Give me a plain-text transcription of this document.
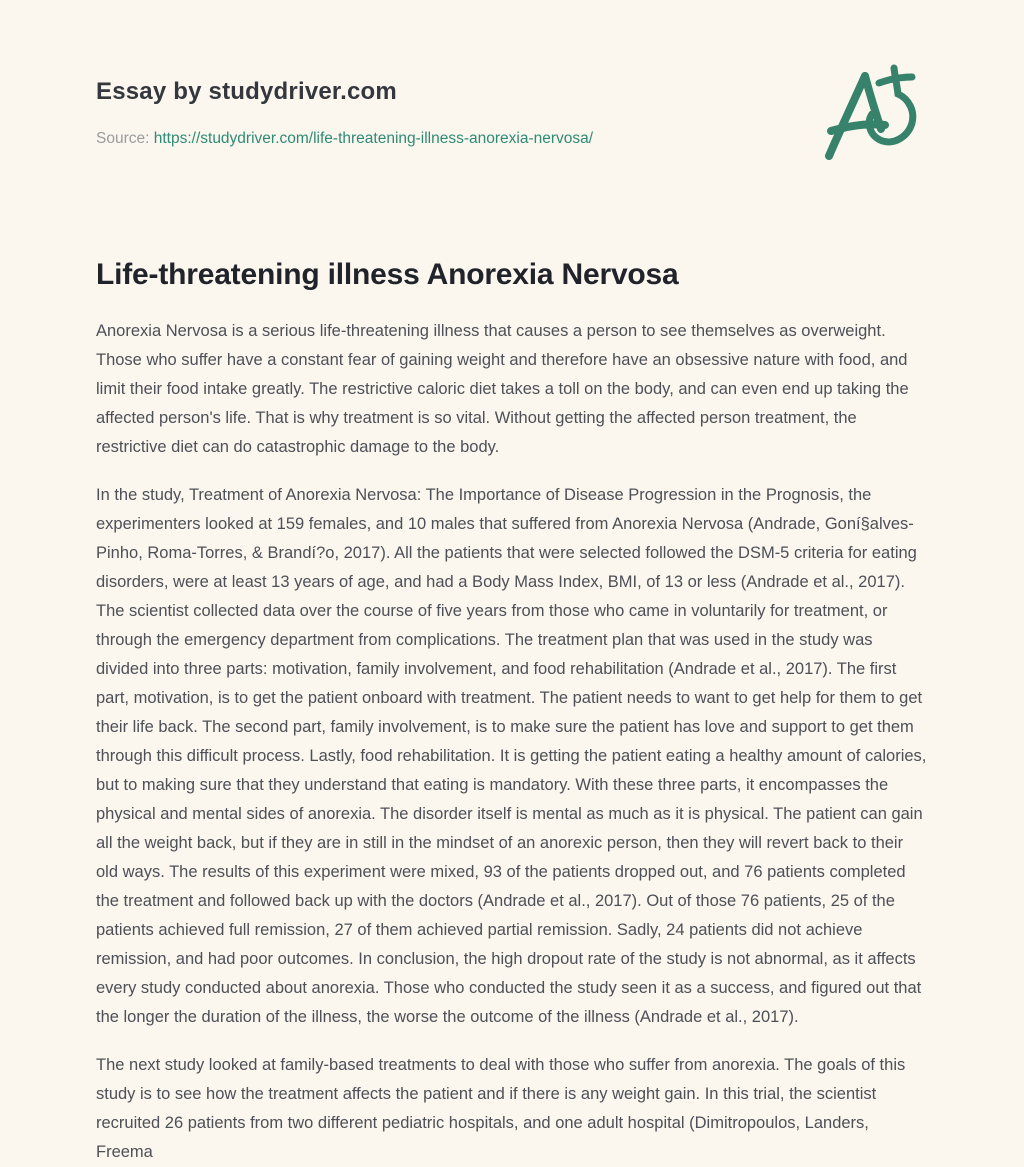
Essay by studydriver.com
Source: https://studydriver.com/life-threatening-illness-anorexia-nervosa/
Life-threatening illness Anorexia Nervosa

Anorexia Nervosa is a serious life-threatening illness that causes a person to see themselves as overweight. Those who suffer have a constant fear of gaining weight and therefore have an obsessive nature with food, and limit their food intake greatly. The restrictive caloric diet takes a toll on the body, and can even end up taking the affected person's life. That is why treatment is so vital. Without getting the affected person treatment, the restrictive diet can do catastrophic damage to the body.

In the study, Treatment of Anorexia Nervosa: The Importance of Disease Progression in the Prognosis, the experimenters looked at 159 females, and 10 males that suffered from Anorexia Nervosa (Andrade, Goní§alves-Pinho, Roma-Torres, & Brandí?o, 2017). All the patients that were selected followed the DSM-5 criteria for eating disorders, were at least 13 years of age, and had a Body Mass Index, BMI, of 13 or less (Andrade et al., 2017). The scientist collected data over the course of five years from those who came in voluntarily for treatment, or through the emergency department from complications. The treatment plan that was used in the study was divided into three parts: motivation, family involvement, and food rehabilitation (Andrade et al., 2017). The first part, motivation, is to get the patient onboard with treatment. The patient needs to want to get help for them to get their life back. The second part, family involvement, is to make sure the patient has love and support to get them through this difficult process. Lastly, food rehabilitation. It is getting the patient eating a healthy amount of calories, but to making sure that they understand that eating is mandatory. With these three parts, it encompasses the physical and mental sides of anorexia. The disorder itself is mental as much as it is physical. The patient can gain all the weight back, but if they are in still in the mindset of an anorexic person, then they will revert back to their old ways. The results of this experiment were mixed, 93 of the patients dropped out, and 76 patients completed the treatment and followed back up with the doctors (Andrade et al., 2017). Out of those 76 patients, 25 of the patients achieved full remission, 27 of them achieved partial remission. Sadly, 24 patients did not achieve remission, and had poor outcomes. In conclusion, the high dropout rate of the study is not abnormal, as it affects every study conducted about anorexia. Those who conducted the study seen it as a success, and figured out that the longer the duration of the illness, the worse the outcome of the illness (Andrade et al., 2017).

The next study looked at family-based treatments to deal with those who suffer from anorexia. The goals of this study is to see how the treatment affects the patient and if there is any weight gain. In this trial, the scientist recruited 26 patients from two different pediatric hospitals, and one adult hospital (Dimitropoulos, Landers, Freema
